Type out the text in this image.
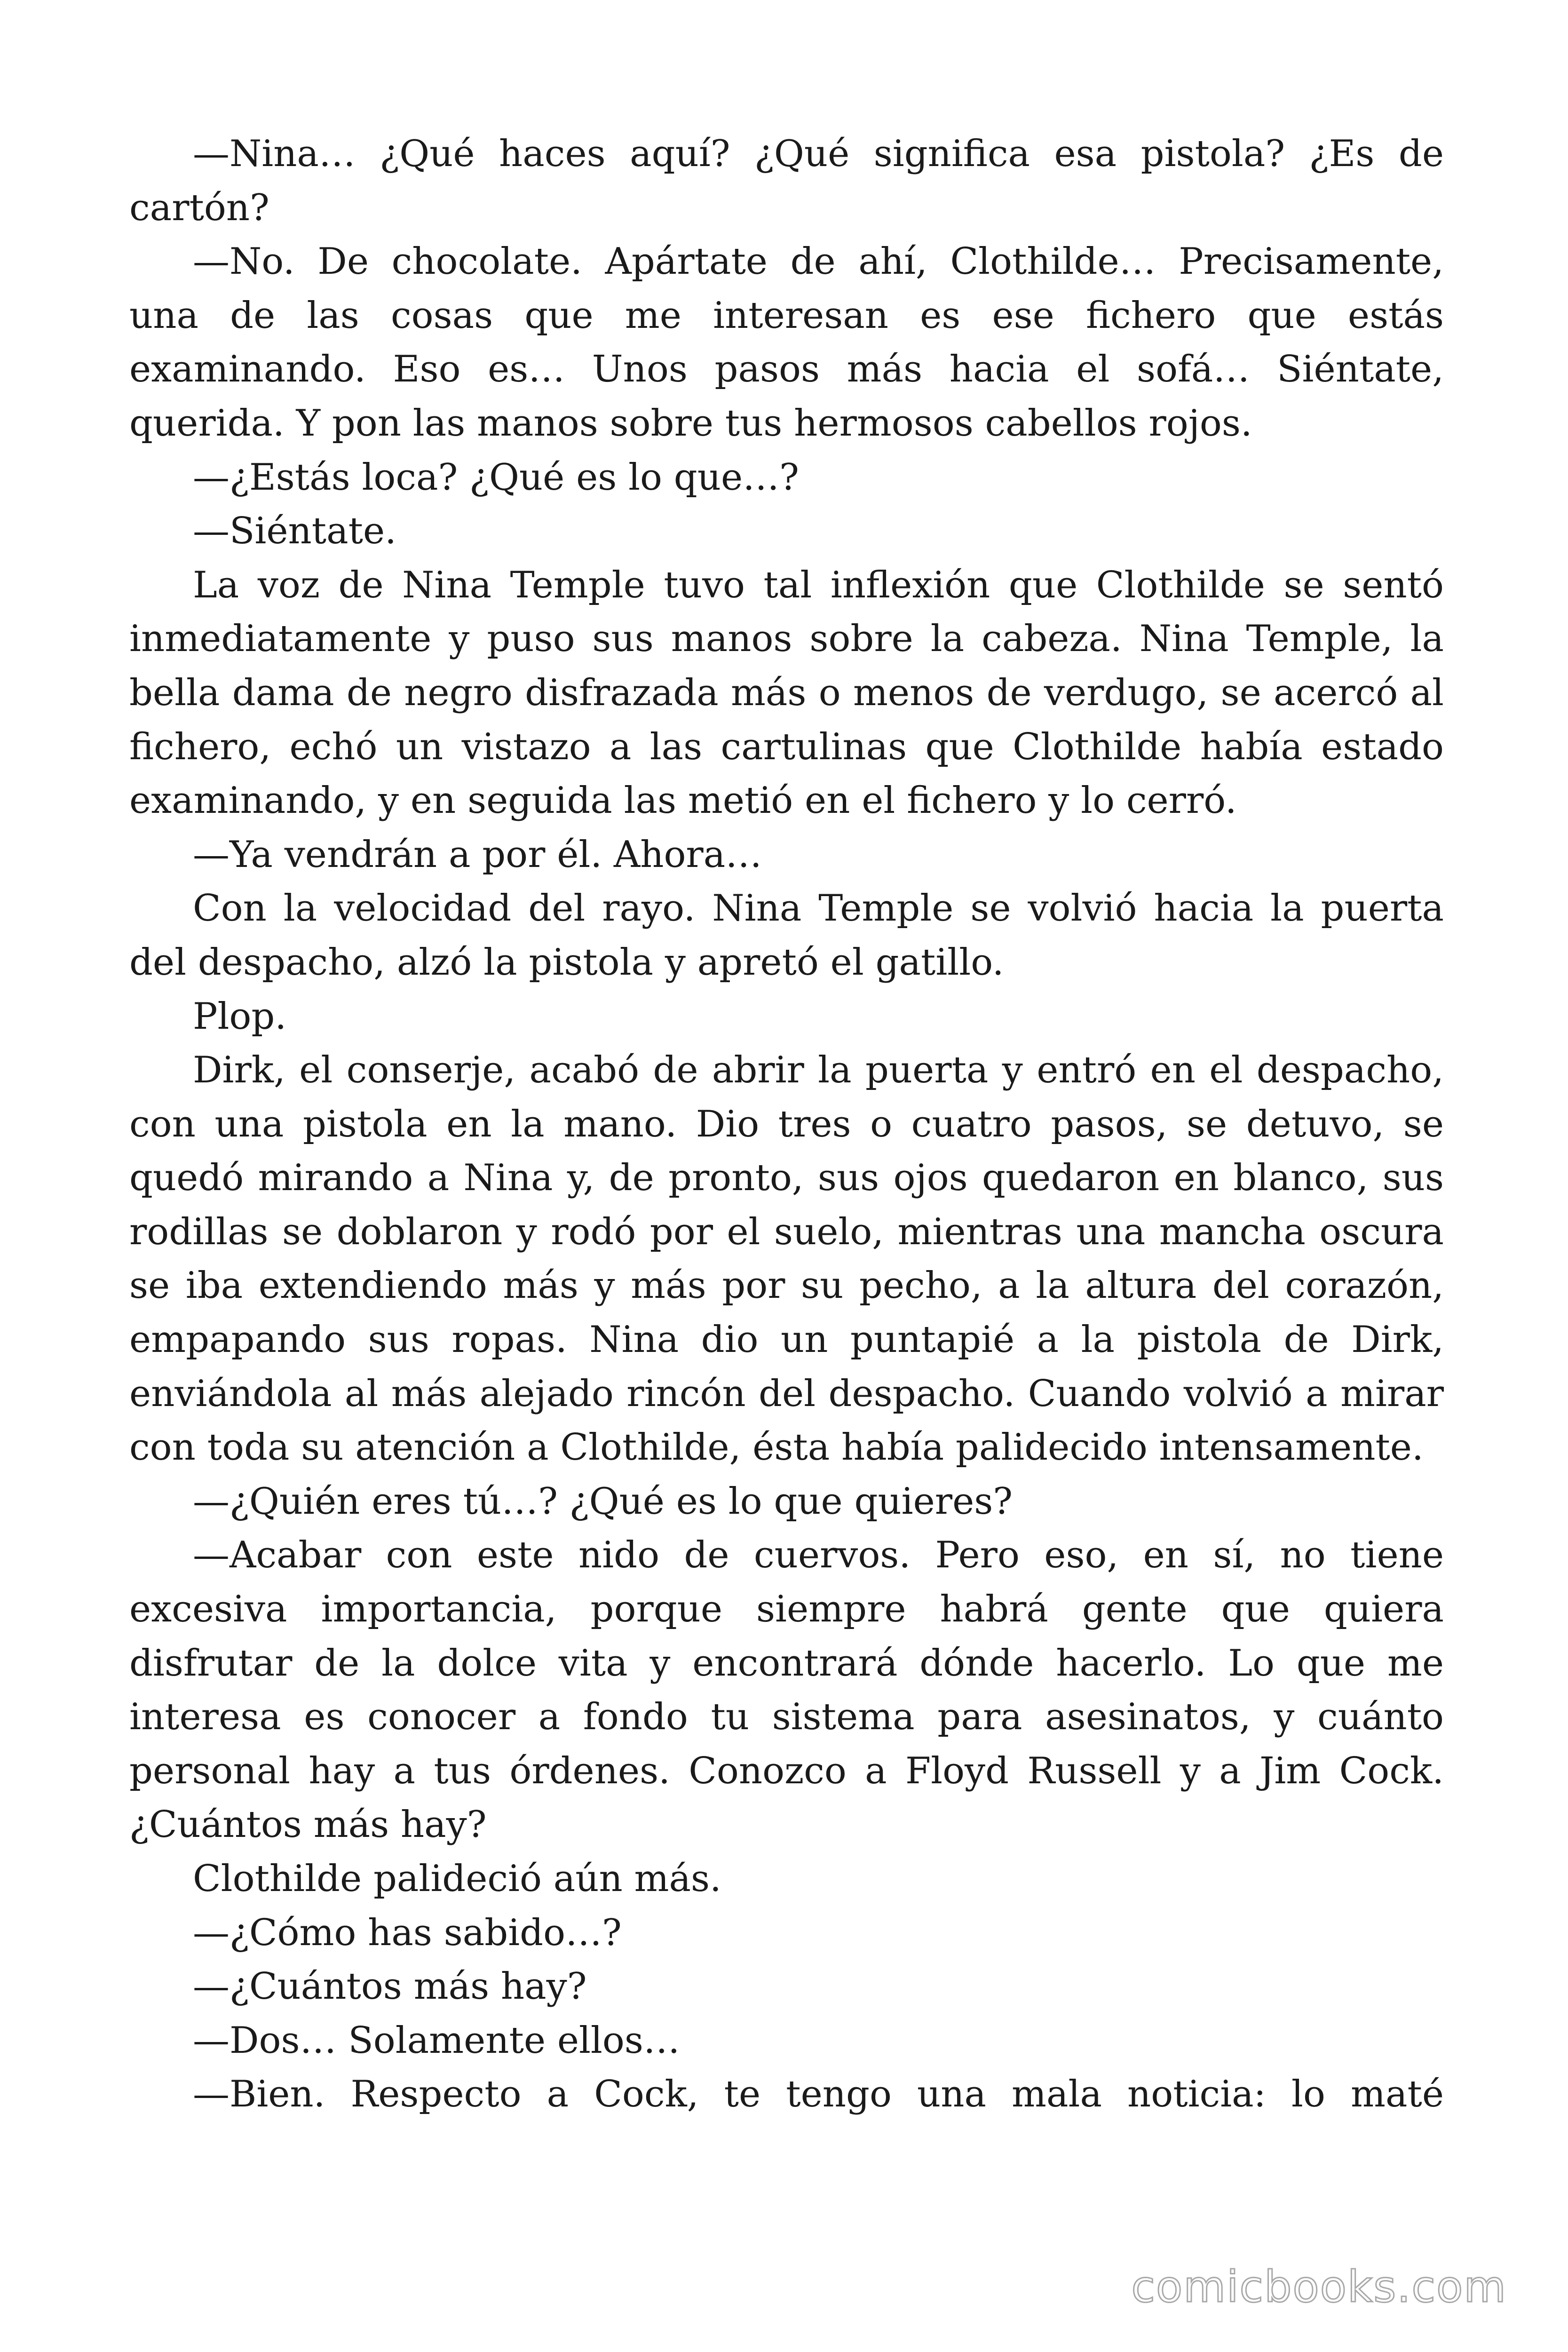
—Nina… ¿Qué haces aquí? ¿Qué significa esa pistola? ¿Es de cartón?

—No. De chocolate. Apártate de ahí, Clothilde… Precisamente, una de las cosas que me interesan es ese fichero que estás examinando. Eso es… Unos pasos más hacia el sofá… Siéntate, querida. Y pon las manos sobre tus hermosos cabellos rojos.

—¿Estás loca? ¿Qué es lo que…?

—Siéntate.

La voz de Nina Temple tuvo tal inflexión que Clothilde se sentó inmediatamente y puso sus manos sobre la cabeza. Nina Temple, la bella dama de negro disfrazada más o menos de verdugo, se acercó al fichero, echó un vistazo a las cartulinas que Clothilde había estado examinando, y en seguida las metió en el fichero y lo cerró.

—Ya vendrán a por él. Ahora…

Con la velocidad del rayo. Nina Temple se volvió hacia la puerta del despacho, alzó la pistola y apretó el gatillo.

Plop.

Dirk, el conserje, acabó de abrir la puerta y entró en el despacho, con una pistola en la mano. Dio tres o cuatro pasos, se detuvo, se quedó mirando a Nina y, de pronto, sus ojos quedaron en blanco, sus rodillas se doblaron y rodó por el suelo, mientras una mancha oscura se iba extendiendo más y más por su pecho, a la altura del corazón, empapando sus ropas. Nina dio un puntapié a la pistola de Dirk, enviándola al más alejado rincón del despacho. Cuando volvió a mirar con toda su atención a Clothilde, ésta había palidecido intensamente.

—¿Quién eres tú…? ¿Qué es lo que quieres?

—Acabar con este nido de cuervos. Pero eso, en sí, no tiene excesiva importancia, porque siempre habrá gente que quiera disfrutar de la dolce vita y encontrará dónde hacerlo. Lo que me interesa es conocer a fondo tu sistema para asesinatos, y cuánto personal hay a tus órdenes. Conozco a Floyd Russell y a Jim Cock. ¿Cuántos más hay?

Clothilde palideció aún más.

—¿Cómo has sabido…?

—¿Cuántos más hay?

—Dos… Solamente ellos…

—Bien. Respecto a Cock, te tengo una mala noticia: lo maté

comicbooks.com
